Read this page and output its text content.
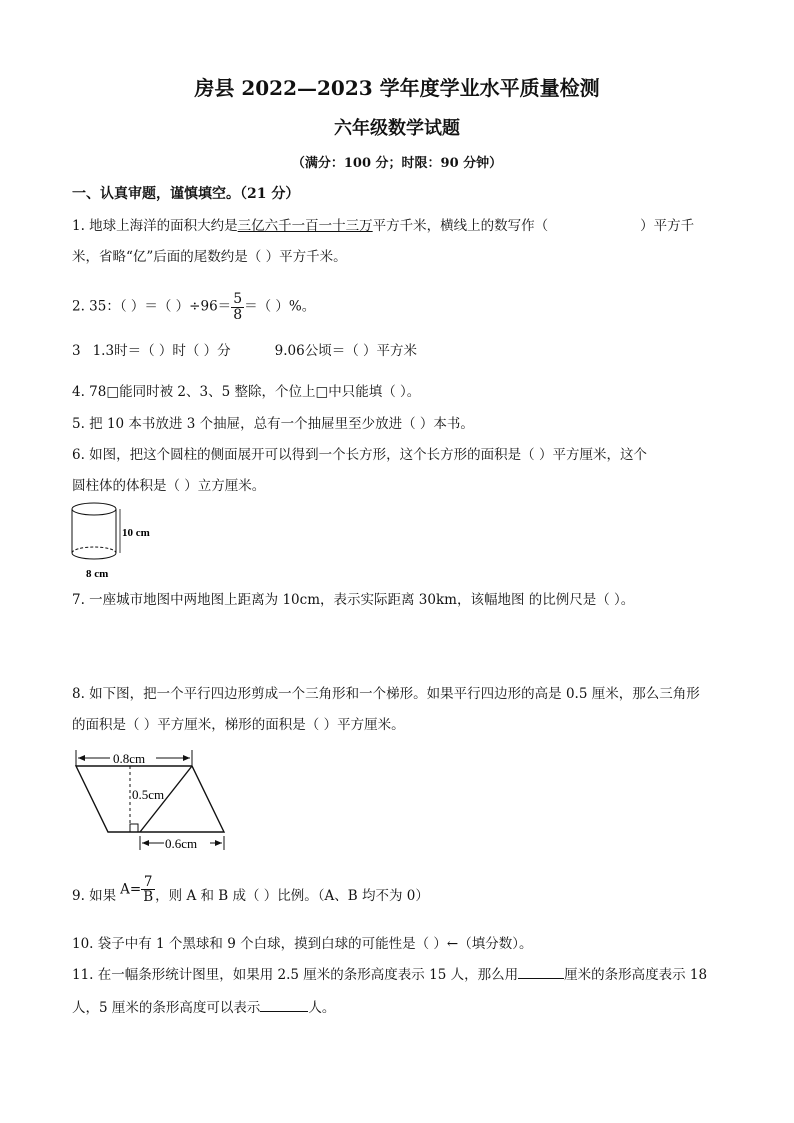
房县 2022—2023 学年度学业水平质量检测
六年级数学试题
（满分：100 分；时限：90 分钟）
一、认真审题，谨慎填空。（21 分）
1. 地球上海洋的面积大约是三亿六千一百一十三万平方千米，横线上的数写作（	）平方千
米，省略“亿”后面的尾数约是（ ）平方千米。
2. 35：（ ）＝（ ）$\div 96= \frac{5}{8}$ ＝（ ）%。
3 1.3时＝（ ）时（ ）分	9.06公顷＝（ ）平方米
4. 78□能同时被 2、3、5 整除，个位上□中只能填（ ）。
5. 把 10 本书放进 3 个抽屉，总有一个抽屉里至少放进（ ）本书。
6. 如图，把这个圆柱的侧面展开可以得到一个长方形，这个长方形的面积是（ ）平方厘米，这个
圆柱体的体积是（ ）立方厘米。
10 cm
8 cm
7. 一座城市地图中两地图上距离为 10cm，表示实际距离 30km，该幅地图 的比例尺是（ ）。
8. 如下图，把一个平行四边形剪成一个三角形和一个梯形。如果平行四边形的高是 0.5 厘米，那么三角形
的面积是（ ）平方厘米，梯形的面积是（ ）平方厘米。
0.8cm
0.5cm
0.6cm
9. 如果 $A= \frac{7}{B}$ ，则 A 和 B 成（ ）比例。（A、B 均不为 0）
10. 袋子中有 1 个黑球和 9 个白球，摸到白球的可能性是（ ）←（填分数）。
11. 在一幅条形统计图里，如果用 2.5 厘米的条形高度表示 15 人，那么用	厘米的条形高度表示 18
人，5 厘米的条形高度可以表示	人。
